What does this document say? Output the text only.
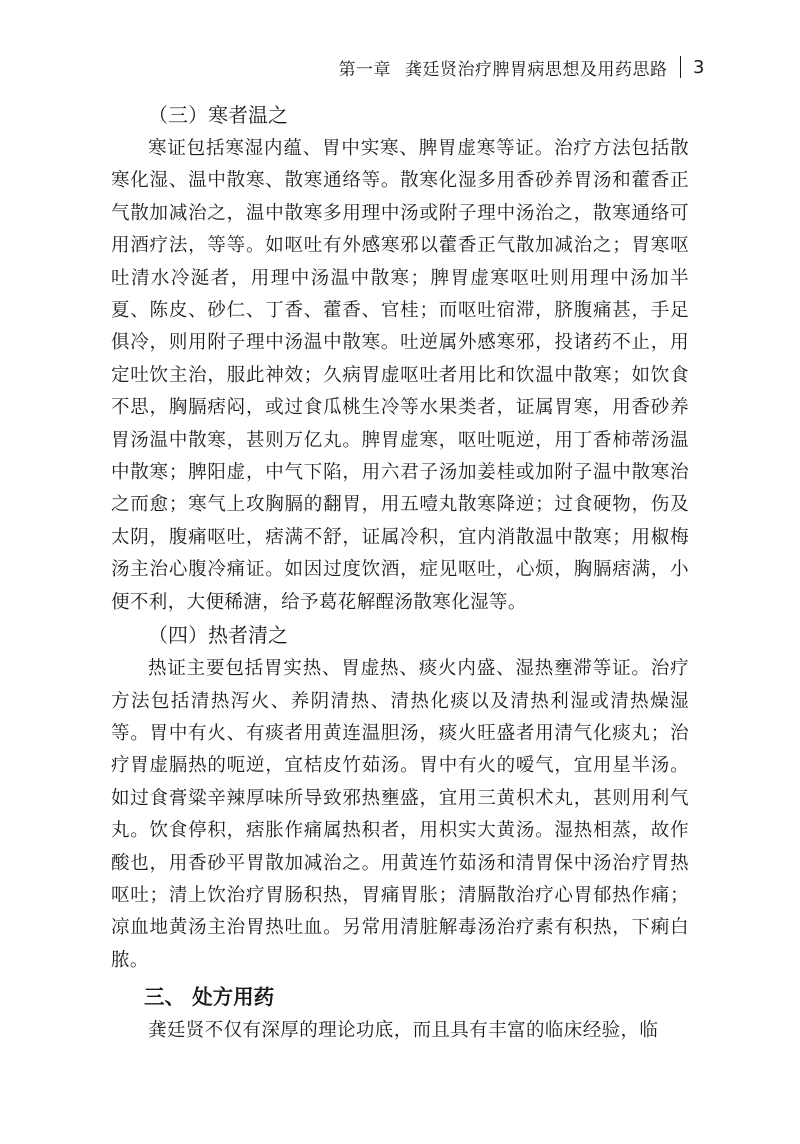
第一章 龚廷贤治疗脾胃病思想及用药思路 3
（三）寒者温之

寒证包括寒湿内蕴、胃中实寒、脾胃虚寒等证。治疗方法包括散寒化湿、温中散寒、散寒通络等。散寒化湿多用香砂养胃汤和藿香正气散加减治之，温中散寒多用理中汤或附子理中汤治之，散寒通络可用酒疗法，等等。如呕吐有外感寒邪以藿香正气散加减治之；胃寒呕吐清水冷涎者，用理中汤温中散寒；脾胃虚寒呕吐则用理中汤加半夏、陈皮、砂仁、丁香、藿香、官桂；而呕吐宿滞，脐腹痛甚，手足俱冷，则用附子理中汤温中散寒。吐逆属外感寒邪，投诸药不止，用定吐饮主治，服此神效；久病胃虚呕吐者用比和饮温中散寒；如饮食不思，胸膈痞闷，或过食瓜桃生冷等水果类者，证属胃寒，用香砂养胃汤温中散寒，甚则万亿丸。脾胃虚寒，呕吐呃逆，用丁香柿蒂汤温中散寒；脾阳虚，中气下陷，用六君子汤加姜桂或加附子温中散寒治之而愈；寒气上攻胸膈的翻胃，用五噎丸散寒降逆；过食硬物，伤及太阴，腹痛呕吐，痞满不舒，证属冷积，宜内消散温中散寒；用椒梅汤主治心腹冷痛证。如因过度饮酒，症见呕吐，心烦，胸膈痞满，小便不利，大便稀溏，给予葛花解酲汤散寒化湿等。

（四）热者清之

热证主要包括胃实热、胃虚热、痰火内盛、湿热壅滞等证。治疗方法包括清热泻火、养阴清热、清热化痰以及清热利湿或清热燥湿等。胃中有火、有痰者用黄连温胆汤，痰火旺盛者用清气化痰丸；治疗胃虚膈热的呃逆，宜桔皮竹茹汤。胃中有火的嗳气，宜用星半汤。如过食膏粱辛辣厚味所导致邪热壅盛，宜用三黄枳术丸，甚则用利气丸。饮食停积，痞胀作痛属热积者，用枳实大黄汤。湿热相蒸，故作酸也，用香砂平胃散加减治之。用黄连竹茹汤和清胃保中汤治疗胃热呕吐；清上饮治疗胃肠积热，胃痛胃胀；清膈散治疗心胃郁热作痛；凉血地黄汤主治胃热吐血。另常用清脏解毒汤治疗素有积热，下痢白脓。

三、 处方用药

龚廷贤不仅有深厚的理论功底，而且具有丰富的临床经验，临
